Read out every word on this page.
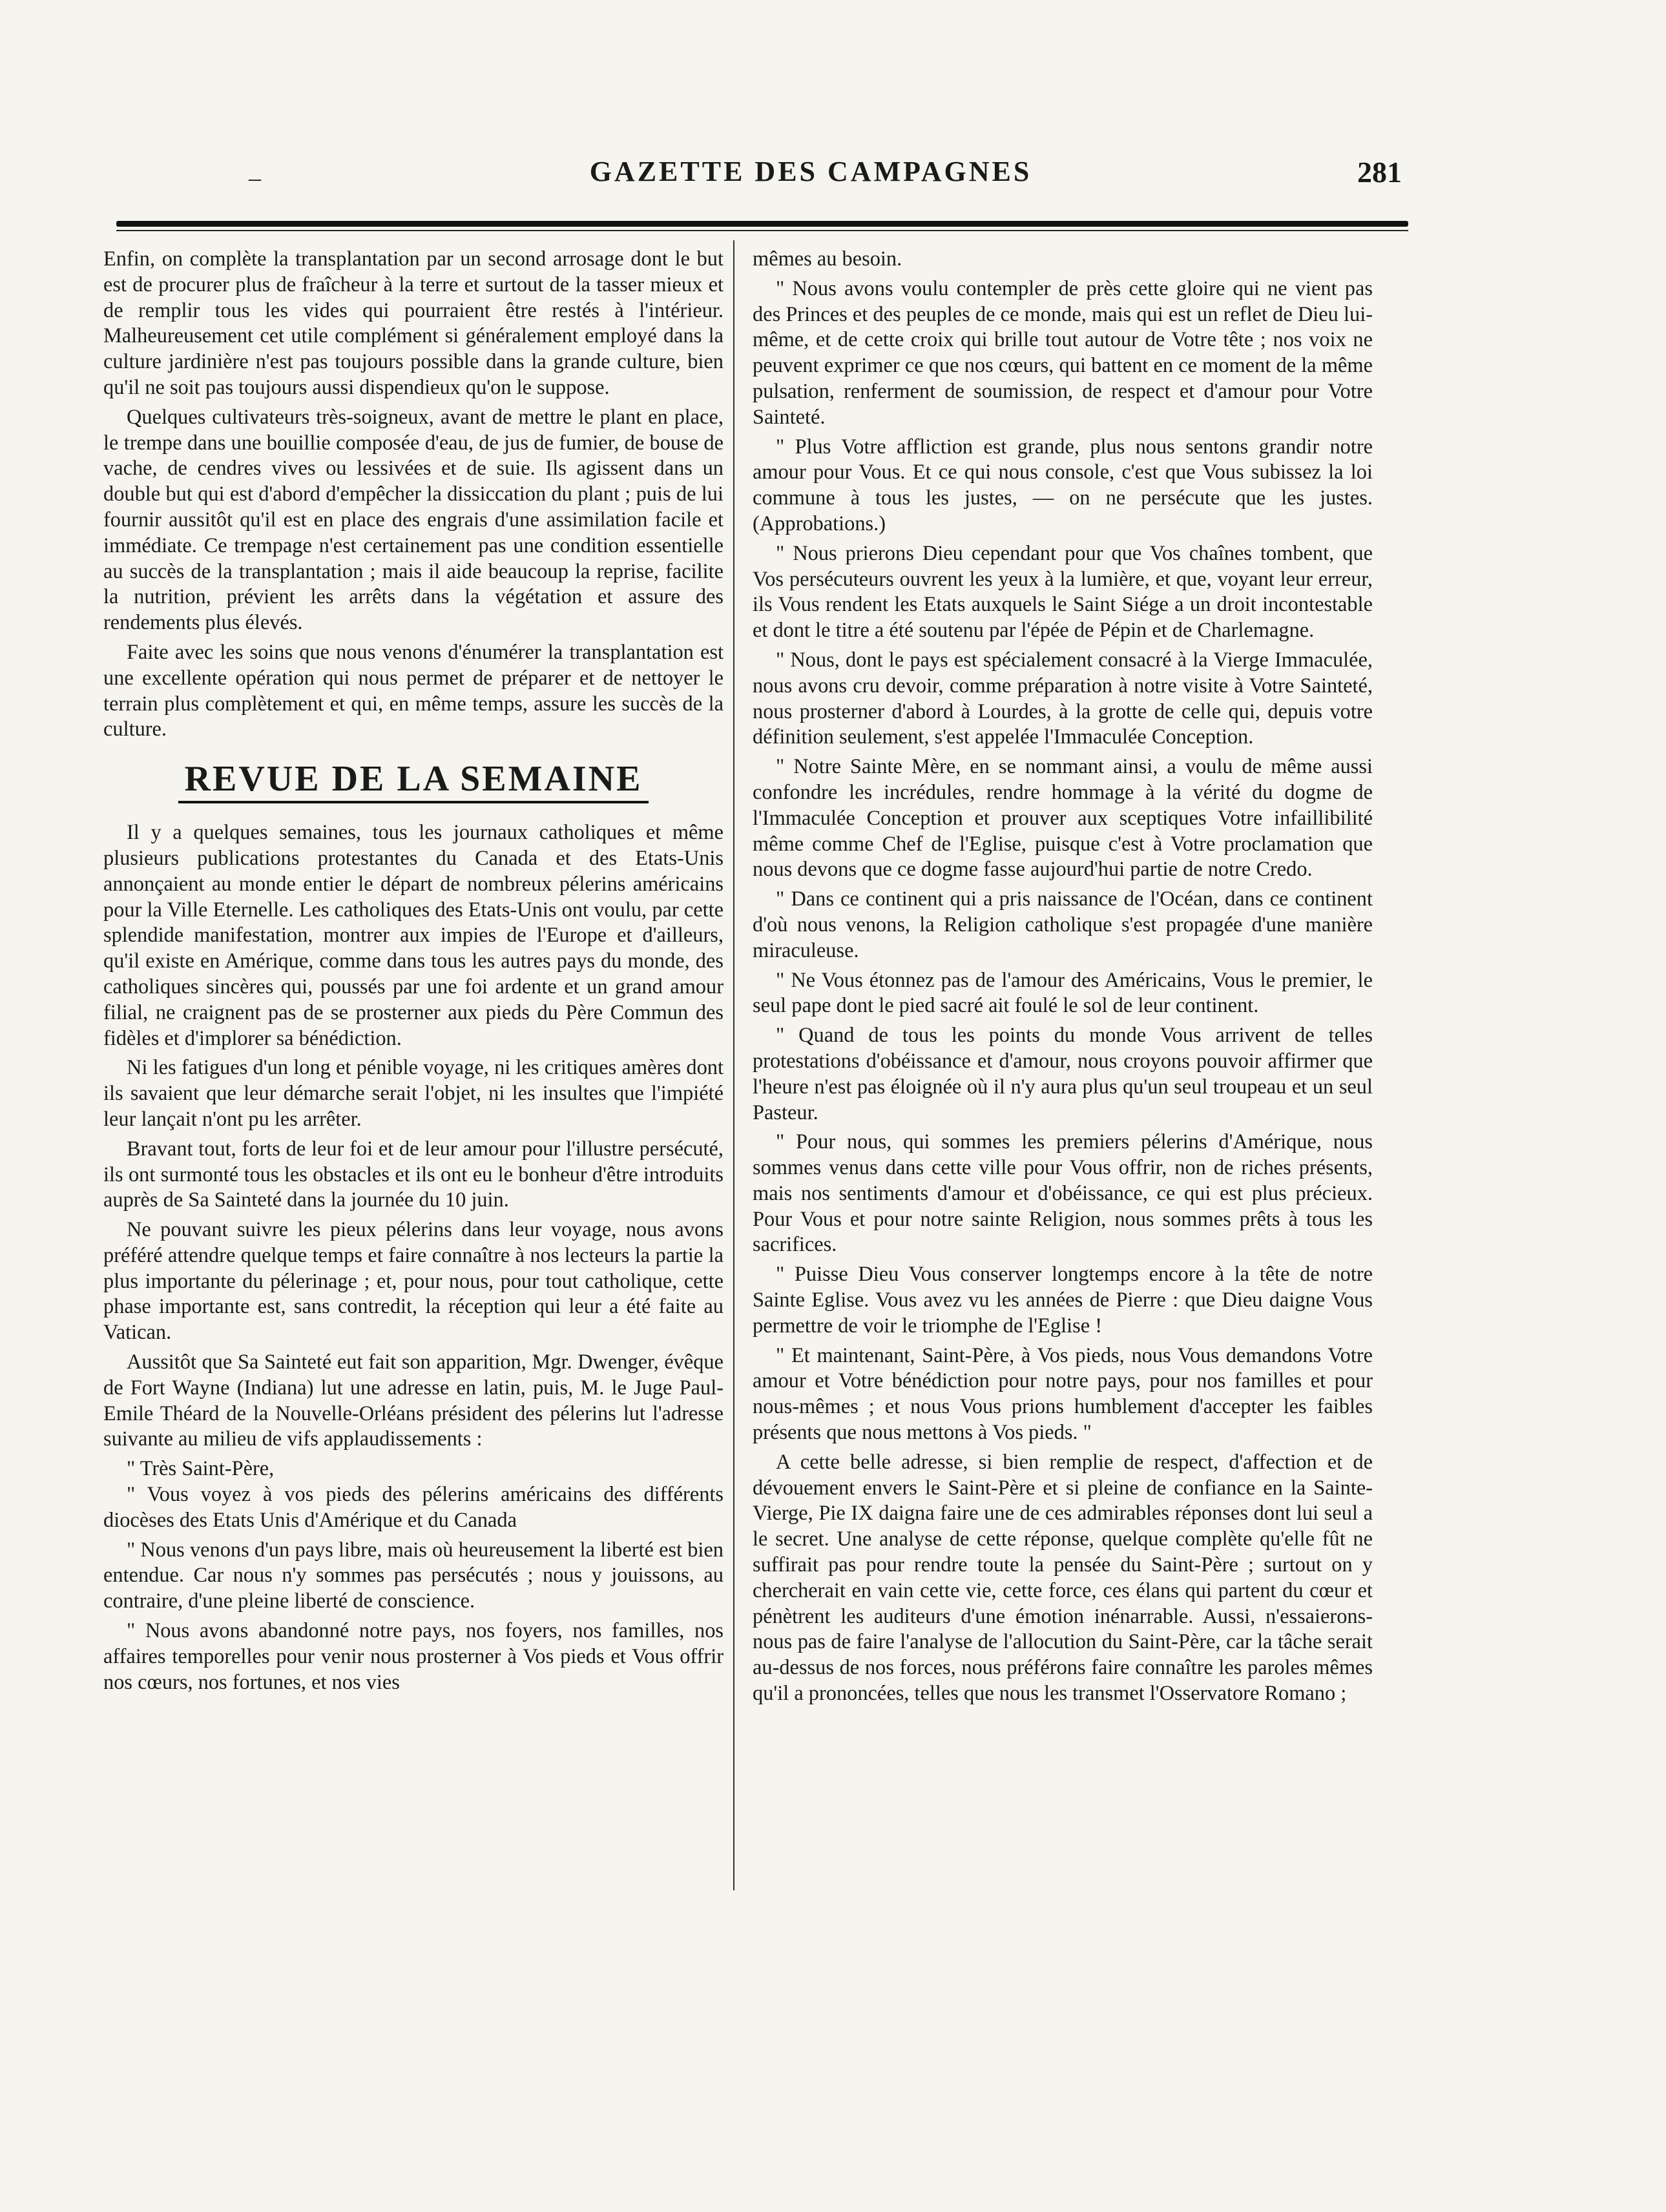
–	GAZETTE DES CAMPAGNES	281

Enfin, on complète la transplantation par un second arrosage dont le but est de procurer plus de fraîcheur à la terre et surtout de la tasser mieux et de remplir tous les vides qui pourraient être restés à l'intérieur. Malheureusement cet utile complément si généralement employé dans la culture jardinière n'est pas toujours possible dans la grande culture, bien qu'il ne soit pas toujours aussi dispendieux qu'on le suppose.

Quelques cultivateurs très-soigneux, avant de mettre le plant en place, le trempe dans une bouillie composée d'eau, de jus de fumier, de bouse de vache, de cendres vives ou lessivées et de suie. Ils agissent dans un double but qui est d'abord d'empêcher la dissiccation du plant ; puis de lui fournir aussitôt qu'il est en place des engrais d'une assimilation facile et immédiate. Ce trempage n'est certainement pas une condition essentielle au succès de la transplantation ; mais il aide beaucoup la reprise, facilite la nutrition, prévient les arrêts dans la végétation et assure des rendements plus élevés.

Faite avec les soins que nous venons d'énumérer la transplantation est une excellente opération qui nous permet de préparer et de nettoyer le terrain plus complètement et qui, en même temps, assure les succès de la culture.

REVUE DE LA SEMAINE

Il y a quelques semaines, tous les journaux catholiques et même plusieurs publications protestantes du Canada et des Etats-Unis annonçaient au monde entier le départ de nombreux pélerins américains pour la Ville Eternelle. Les catholiques des Etats-Unis ont voulu, par cette splendide manifestation, montrer aux impies de l'Europe et d'ailleurs, qu'il existe en Amérique, comme dans tous les autres pays du monde, des catholiques sincères qui, poussés par une foi ardente et un grand amour filial, ne craignent pas de se prosterner aux pieds du Père Commun des fidèles et d'implorer sa bénédiction.

Ni les fatigues d'un long et pénible voyage, ni les critiques amères dont ils savaient que leur démarche serait l'objet, ni les insultes que l'impiété leur lançait n'ont pu les arrêter.

Bravant tout, forts de leur foi et de leur amour pour l'illustre persécuté, ils ont surmonté tous les obstacles et ils ont eu le bonheur d'être introduits auprès de Sa Sainteté dans la journée du 10 juin.

Ne pouvant suivre les pieux pélerins dans leur voyage, nous avons préféré attendre quelque temps et faire connaître à nos lecteurs la partie la plus importante du pélerinage ; et, pour nous, pour tout catholique, cette phase importante est, sans contredit, la réception qui leur a été faite au Vatican.

Aussitôt que Sa Sainteté eut fait son apparition, Mgr. Dwenger, évêque de Fort Wayne (Indiana) lut une adresse en latin, puis, M. le Juge Paul-Emile Théard de la Nouvelle-Orléans président des pélerins lut l'adresse suivante au milieu de vifs applaudissements :

" Très Saint-Père,

" Vous voyez à vos pieds des pélerins américains des différents diocèses des Etats Unis d'Amérique et du Canada

" Nous venons d'un pays libre, mais où heureusement la liberté est bien entendue. Car nous n'y sommes pas persécutés ; nous y jouissons, au contraire, d'une pleine liberté de conscience.

" Nous avons abandonné notre pays, nos foyers, nos familles, nos affaires temporelles pour venir nous prosterner à Vos pieds et Vous offrir nos cœurs, nos fortunes, et nos vies

mêmes au besoin.

" Nous avons voulu contempler de près cette gloire qui ne vient pas des Princes et des peuples de ce monde, mais qui est un reflet de Dieu lui-même, et de cette croix qui brille tout autour de Votre tête ; nos voix ne peuvent exprimer ce que nos cœurs, qui battent en ce moment de la même pulsation, renferment de soumission, de respect et d'amour pour Votre Sainteté.

" Plus Votre affliction est grande, plus nous sentons grandir notre amour pour Vous. Et ce qui nous console, c'est que Vous subissez la loi commune à tous les justes, — on ne persécute que les justes. (Approbations.)

" Nous prierons Dieu cependant pour que Vos chaînes tombent, que Vos persécuteurs ouvrent les yeux à la lumière, et que, voyant leur erreur, ils Vous rendent les Etats auxquels le Saint Siége a un droit incontestable et dont le titre a été soutenu par l'épée de Pépin et de Charlemagne.

" Nous, dont le pays est spécialement consacré à la Vierge Immaculée, nous avons cru devoir, comme préparation à notre visite à Votre Sainteté, nous prosterner d'abord à Lourdes, à la grotte de celle qui, depuis votre définition seulement, s'est appelée l'Immaculée Conception.

" Notre Sainte Mère, en se nommant ainsi, a voulu de même aussi confondre les incrédules, rendre hommage à la vérité du dogme de l'Immaculée Conception et prouver aux sceptiques Votre infaillibilité même comme Chef de l'Eglise, puisque c'est à Votre proclamation que nous devons que ce dogme fasse aujourd'hui partie de notre Credo.

" Dans ce continent qui a pris naissance de l'Océan, dans ce continent d'où nous venons, la Religion catholique s'est propagée d'une manière miraculeuse.

" Ne Vous étonnez pas de l'amour des Américains, Vous le premier, le seul pape dont le pied sacré ait foulé le sol de leur continent.

" Quand de tous les points du monde Vous arrivent de telles protestations d'obéissance et d'amour, nous croyons pouvoir affirmer que l'heure n'est pas éloignée où il n'y aura plus qu'un seul troupeau et un seul Pasteur.

" Pour nous, qui sommes les premiers pélerins d'Amérique, nous sommes venus dans cette ville pour Vous offrir, non de riches présents, mais nos sentiments d'amour et d'obéissance, ce qui est plus précieux. Pour Vous et pour notre sainte Religion, nous sommes prêts à tous les sacrifices.

" Puisse Dieu Vous conserver longtemps encore à la tête de notre Sainte Eglise. Vous avez vu les années de Pierre : que Dieu daigne Vous permettre de voir le triomphe de l'Eglise !

" Et maintenant, Saint-Père, à Vos pieds, nous Vous demandons Votre amour et Votre bénédiction pour notre pays, pour nos familles et pour nous-mêmes ; et nous Vous prions humblement d'accepter les faibles présents que nous mettons à Vos pieds. "

A cette belle adresse, si bien remplie de respect, d'affection et de dévouement envers le Saint-Père et si pleine de confiance en la Sainte-Vierge, Pie IX daigna faire une de ces admirables réponses dont lui seul a le secret. Une analyse de cette réponse, quelque complète qu'elle fût ne suffirait pas pour rendre toute la pensée du Saint-Père ; surtout on y chercherait en vain cette vie, cette force, ces élans qui partent du cœur et pénètrent les auditeurs d'une émotion inénarrable. Aussi, n'essaierons-nous pas de faire l'analyse de l'allocution du Saint-Père, car la tâche serait au-dessus de nos forces, nous préférons faire connaître les paroles mêmes qu'il a prononcées, telles que nous les transmet l'Osservatore Romano ;
